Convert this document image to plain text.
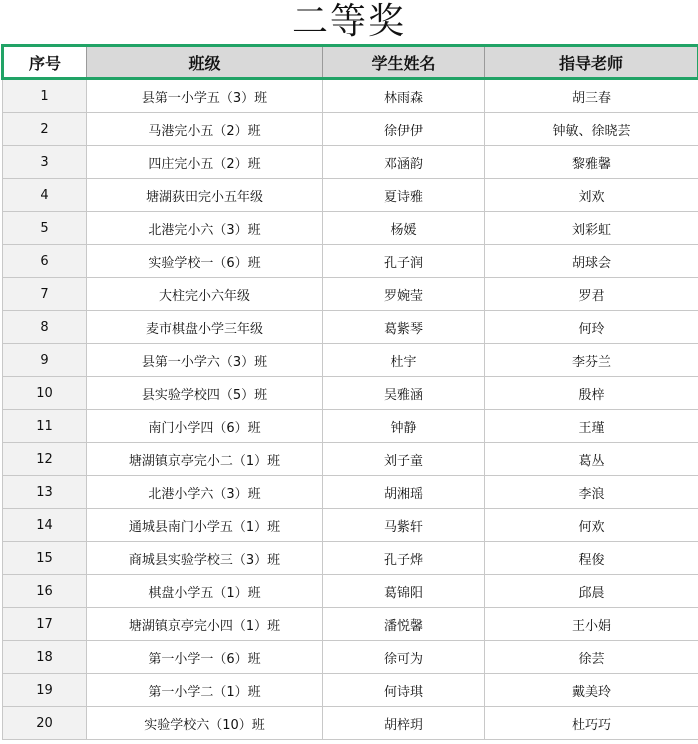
二等奖
序号	班级	学生姓名	指导老师
1	县第一小学五（3）班	林雨森	胡三春
2	马港完小五（2）班	徐伊伊	钟敏、徐晓芸
3	四庄完小五（2）班	邓涵韵	黎雅馨
4	塘湖荻田完小五年级	夏诗雅	刘欢
5	北港完小六（3）班	杨媛	刘彩虹
6	实验学校一（6）班	孔子润	胡球会
7	大柱完小六年级	罗婉莹	罗君
8	麦市棋盘小学三年级	葛紫琴	何玲
9	县第一小学六（3）班	杜宇	李芬兰
10	县实验学校四（5）班	吴雅涵	殷梓
11	南门小学四（6）班	钟静	王瑾
12	塘湖镇京亭完小二（1）班	刘子童	葛丛
13	北港小学六（3）班	胡湘瑶	李浪
14	通城县南门小学五（1）班	马紫轩	何欢
15	商城县实验学校三（3）班	孔子烨	程俊
16	棋盘小学五（1）班	葛锦阳	邱晨
17	塘湖镇京亭完小四（1）班	潘悦馨	王小娟
18	第一小学一（6）班	徐可为	徐芸
19	第一小学二（1）班	何诗琪	戴美玲
20	实验学校六（10）班	胡梓玥	杜巧巧
